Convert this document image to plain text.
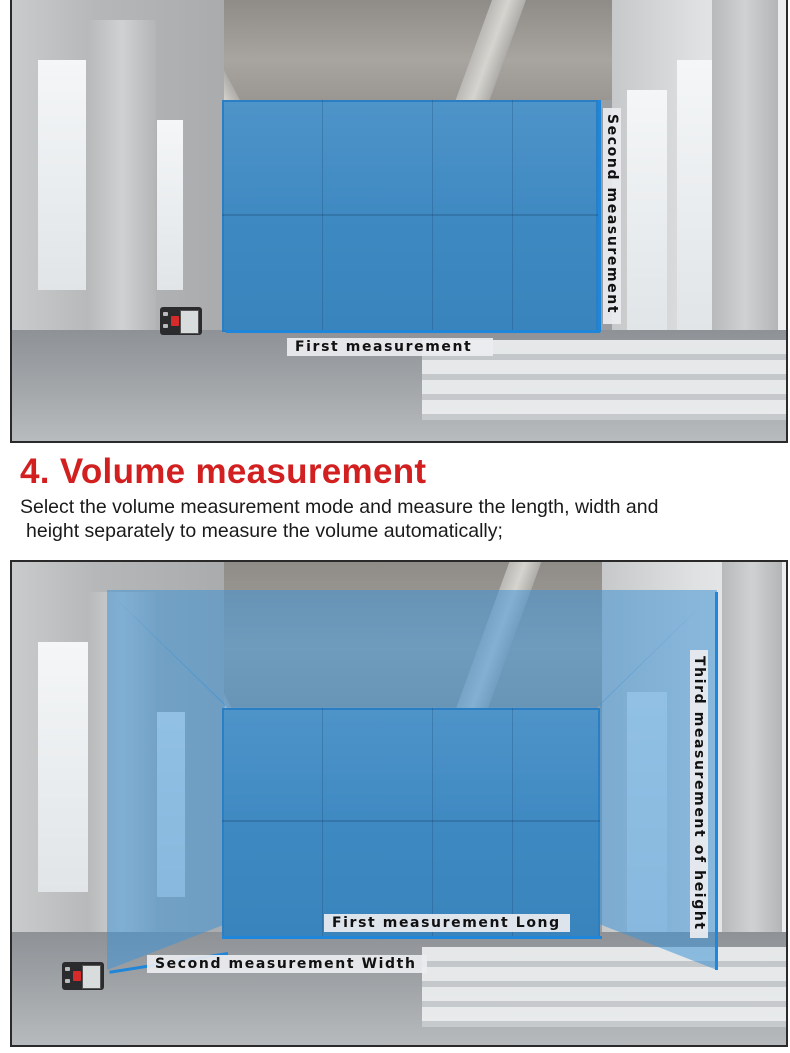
First measurement
Second measurement
4. Volume measurement

Select the volume measurement mode and measure the length, width and
height separately to measure the volume automatically;

First measurement Long
Second measurement Width
Third measurement of height
